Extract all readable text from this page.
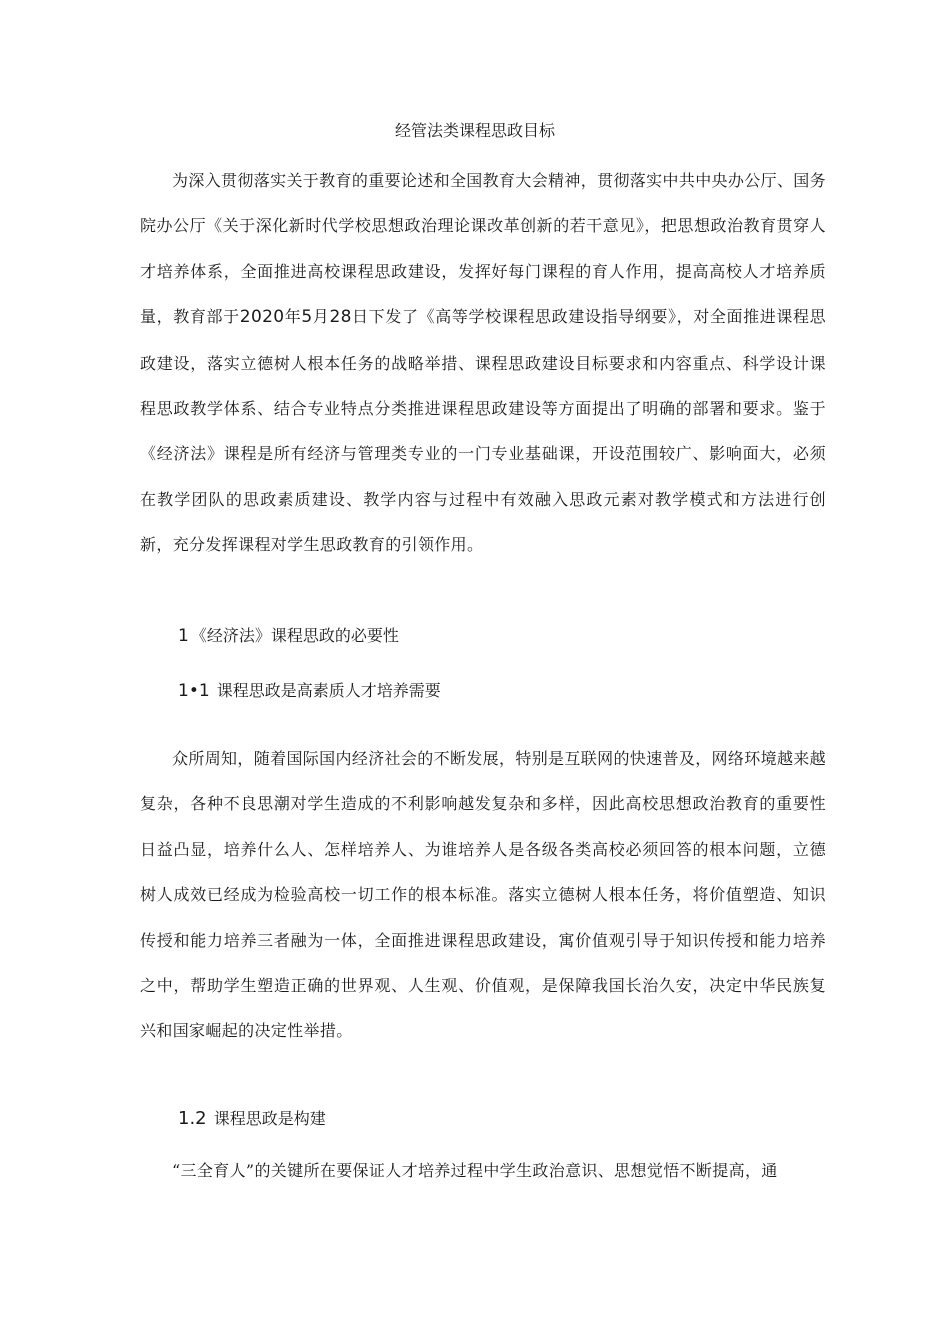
经管法类课程思政目标

为深入贯彻落实关于教育的重要论述和全国教育大会精神，贯彻落实中共中央办公厅、国务院办公厅《关于深化新时代学校思想政治理论课改革创新的若干意见》，把思想政治教育贯穿人才培养体系，全面推进高校课程思政建设，发挥好每门课程的育人作用，提高高校人才培养质量，教育部于2020年5月28日下发了《高等学校课程思政建设指导纲要》，对全面推进课程思政建设，落实立德树人根本任务的战略举措、课程思政建设目标要求和内容重点、科学设计课程思政教学体系、结合专业特点分类推进课程思政建设等方面提出了明确的部署和要求。鉴于《经济法》课程是所有经济与管理类专业的一门专业基础课，开设范围较广、影响面大，必须在教学团队的思政素质建设、教学内容与过程中有效融入思政元素对教学模式和方法进行创新，充分发挥课程对学生思政教育的引领作用。

1 《经济法》课程思政的必要性
1•1 课程思政是高素质人才培养需要

众所周知，随着国际国内经济社会的不断发展，特别是互联网的快速普及，网络环境越来越复杂，各种不良思潮对学生造成的不利影响越发复杂和多样，因此高校思想政治教育的重要性日益凸显，培养什么人、怎样培养人、为谁培养人是各级各类高校必须回答的根本问题，立德树人成效已经成为检验高校一切工作的根本标准。落实立德树人根本任务，将价值塑造、知识传授和能力培养三者融为一体，全面推进课程思政建设，寓价值观引导于知识传授和能力培养之中，帮助学生塑造正确的世界观、人生观、价值观，是保障我国长治久安，决定中华民族复兴和国家崛起的决定性举措。

1.2 课程思政是构建

“三全育人”的关键所在要保证人才培养过程中学生政治意识、思想觉悟不断提高，通
